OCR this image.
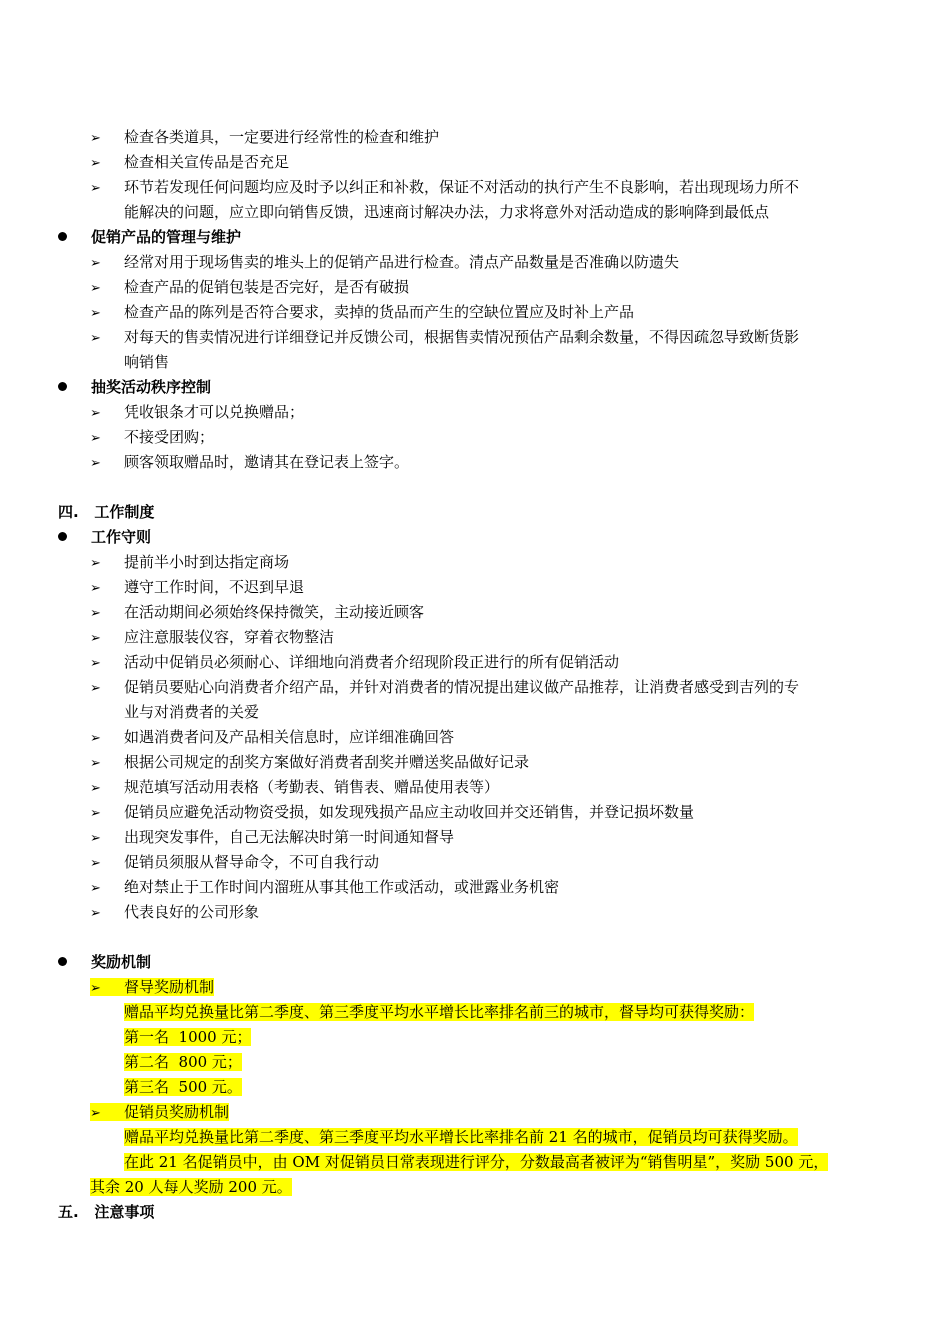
➢ 检查各类道具，一定要进行经常性的检查和维护
➢ 检查相关宣传品是否充足
➢ 环节若发现任何问题均应及时予以纠正和补救，保证不对活动的执行产生不良影响，若出现现场力所不
能解决的问题，应立即向销售反馈，迅速商讨解决办法，力求将意外对活动造成的影响降到最低点
促销产品的管理与维护
➢ 经常对用于现场售卖的堆头上的促销产品进行检查。清点产品数量是否准确以防遗失
➢ 检查产品的促销包装是否完好，是否有破损
➢ 检查产品的陈列是否符合要求，卖掉的货品而产生的空缺位置应及时补上产品
➢ 对每天的售卖情况进行详细登记并反馈公司，根据售卖情况预估产品剩余数量，不得因疏忽导致断货影
响销售
抽奖活动秩序控制
➢ 凭收银条才可以兑换赠品；
➢ 不接受团购；
➢ 顾客领取赠品时，邀请其在登记表上签字。
四.   工作制度
工作守则
➢ 提前半小时到达指定商场
➢ 遵守工作时间，不迟到早退
➢ 在活动期间必须始终保持微笑，主动接近顾客
➢ 应注意服装仪容，穿着衣物整洁
➢ 活动中促销员必须耐心、详细地向消费者介绍现阶段正进行的所有促销活动
➢ 促销员要贴心向消费者介绍产品，并针对消费者的情况提出建议做产品推荐，让消费者感受到吉列的专
业与对消费者的关爱
➢ 如遇消费者问及产品相关信息时，应详细准确回答
➢ 根据公司规定的刮奖方案做好消费者刮奖并赠送奖品做好记录
➢ 规范填写活动用表格（考勤表、销售表、赠品使用表等）
➢ 促销员应避免活动物资受损，如发现残损产品应主动收回并交还销售，并登记损坏数量
➢ 出现突发事件，自己无法解决时第一时间通知督导
➢ 促销员须服从督导命令，不可自我行动
➢ 绝对禁止于工作时间内溜班从事其他工作或活动，或泄露业务机密
➢ 代表良好的公司形象
奖励机制
➢ 督导奖励机制
赠品平均兑换量比第二季度、第三季度平均水平增长比率排名前三的城市，督导均可获得奖励：
第一名  1000 元；
第二名  800 元；
第三名  500 元。
➢ 促销员奖励机制
赠品平均兑换量比第二季度、第三季度平均水平增长比率排名前 21 名的城市，促销员均可获得奖励。
在此 21 名促销员中，由 OM 对促销员日常表现进行评分，分数最高者被评为“销售明星”，奖励 500 元，
其余 20 人每人奖励 200 元。
五.   注意事项
